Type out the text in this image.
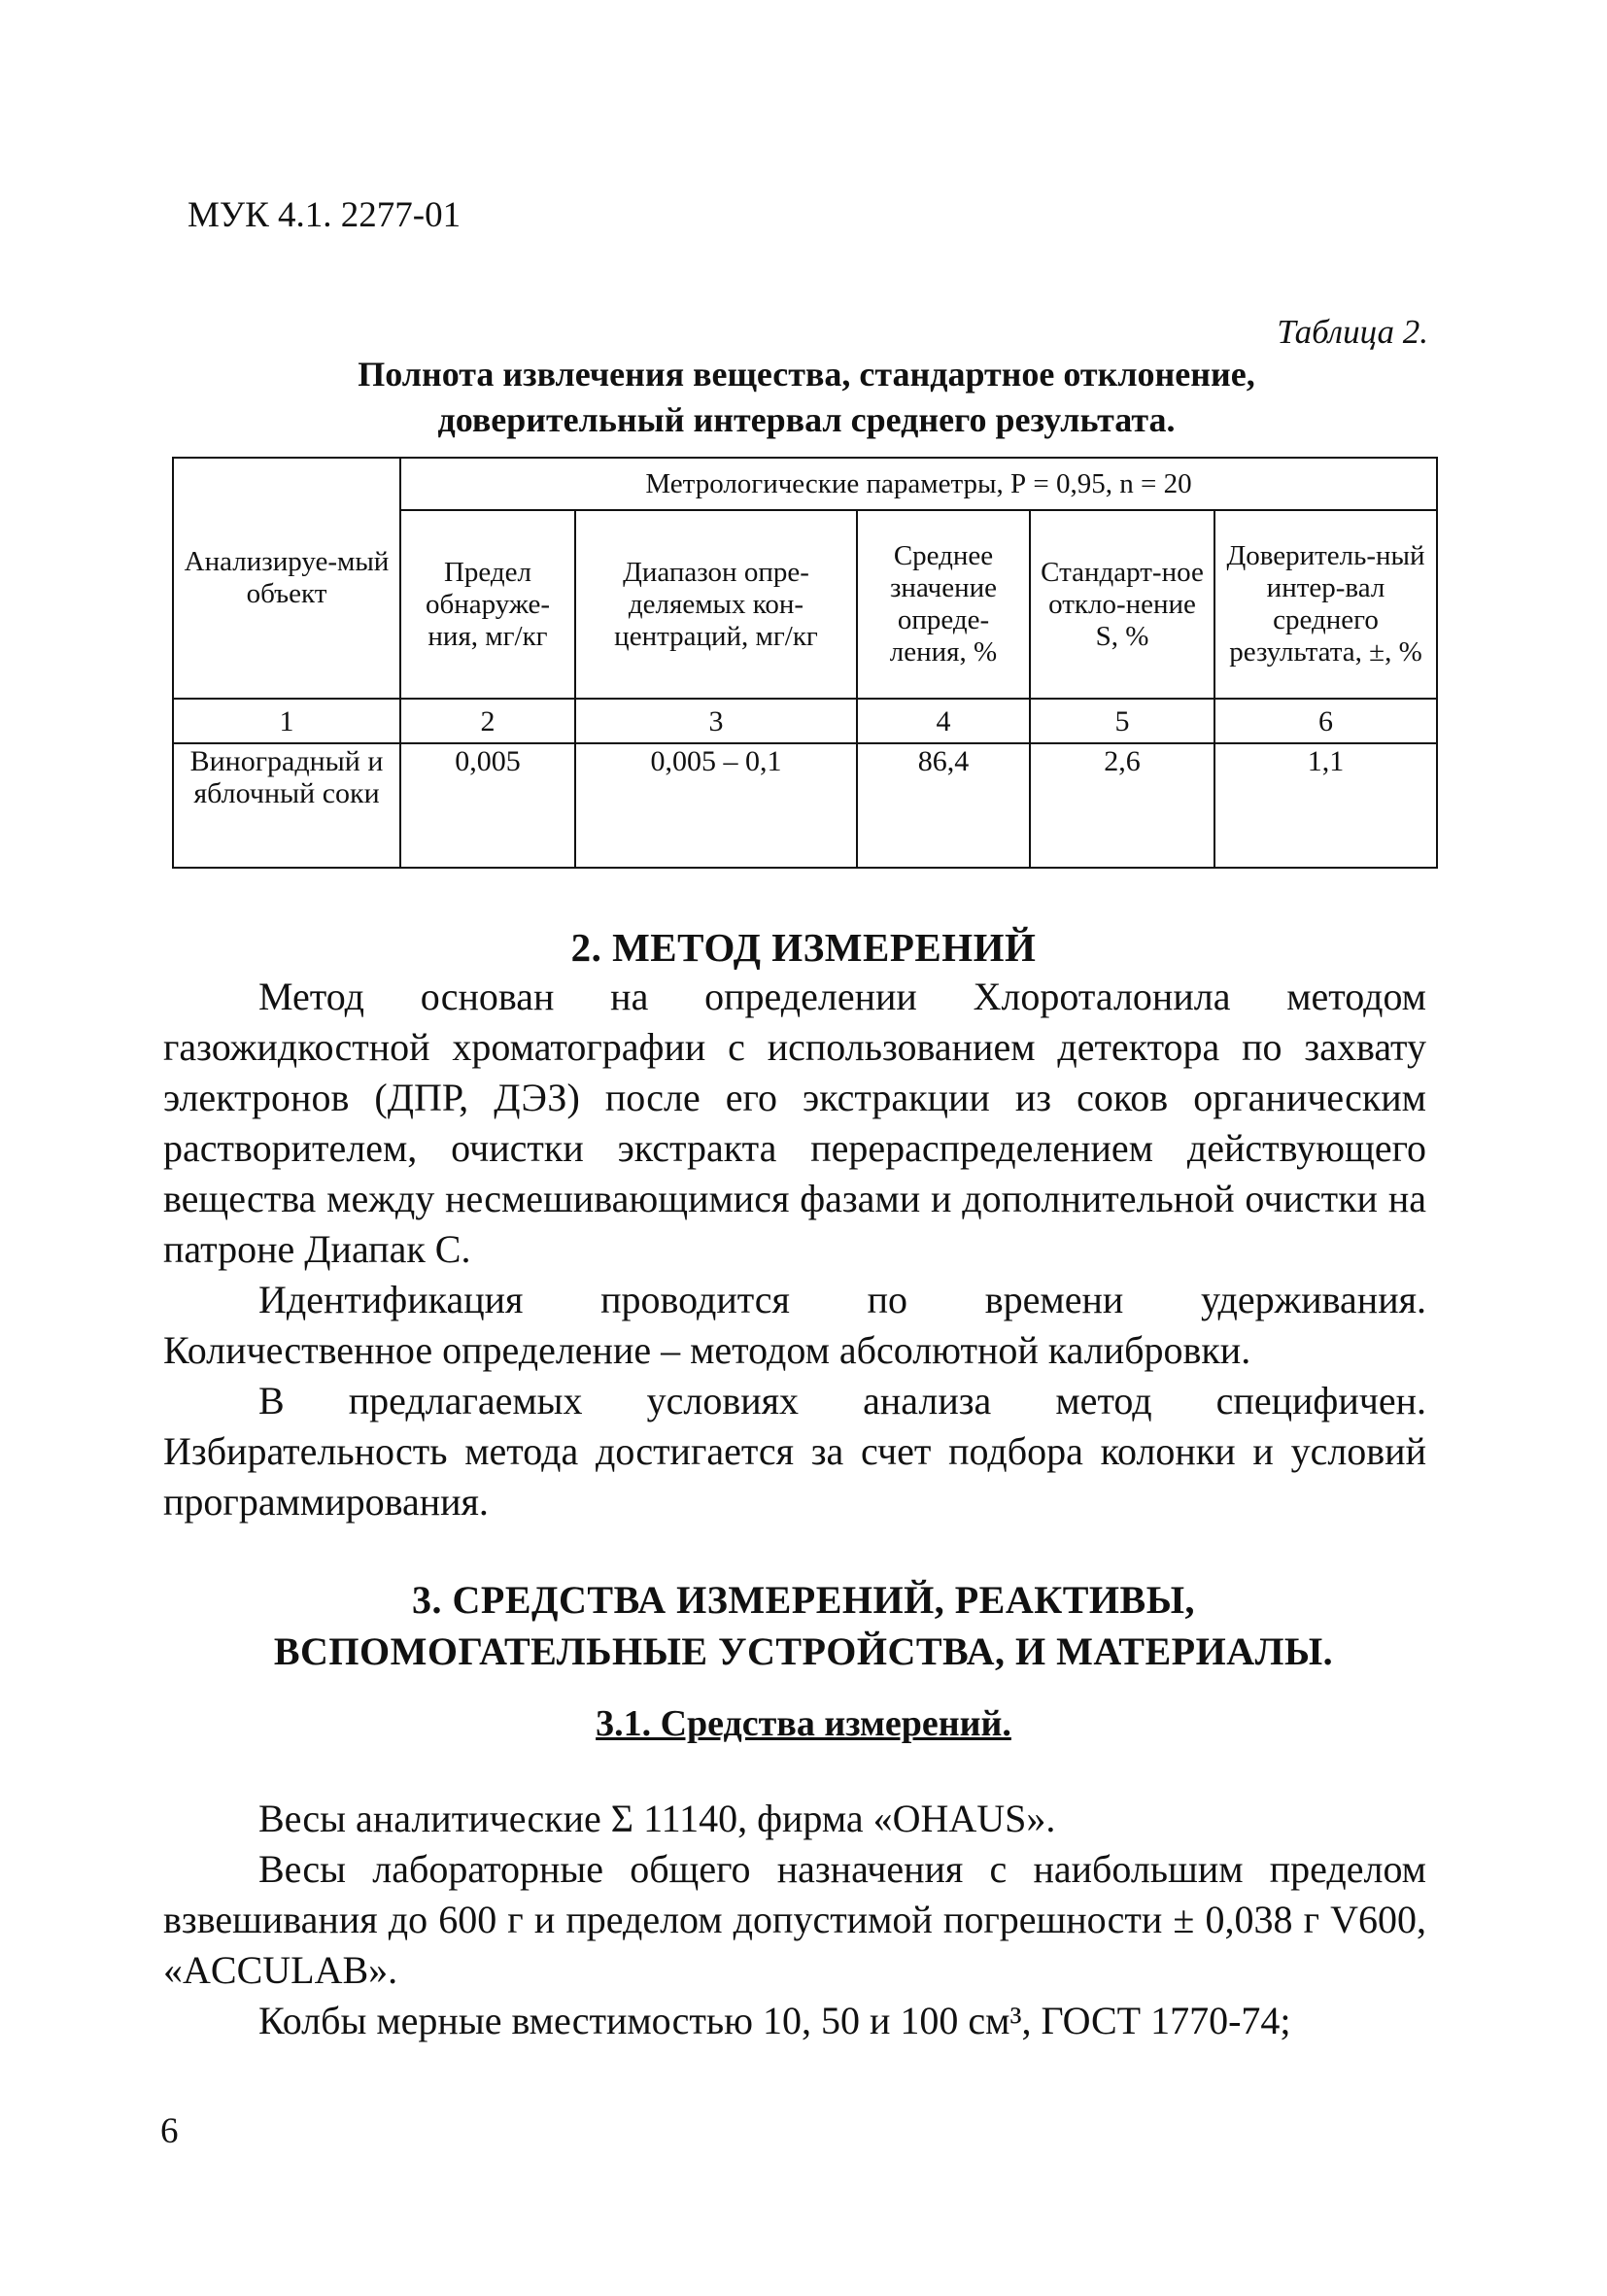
МУК 4.1. 2277-01
Таблица 2.
Полнота извлечения вещества, стандартное отклонение,
доверительный интервал среднего результата.
Анализируе-мый объект	Метрологические параметры, Р = 0,95, n = 20				
	Предел обнаруже-ния, мг/кг	Диапазон опре-деляемых кон-центраций, мг/кг	Среднее значение опреде-ления, %	Стандарт-ное откло-нение S, %	Доверитель-ный интер-вал среднего результата, ±, %
1	2	3	4	5	6
Виноградный и яблочный соки	0,005	0,005 – 0,1	86,4	2,6	1,1
2. МЕТОД ИЗМЕРЕНИЙ

Метод основан на определении Хлороталонила методом газожидкостной хроматографии с использованием детектора по захвату электронов (ДПР, ДЭЗ) после его экстракции из соков органическим растворителем, очистки экстракта перераспределением действующего вещества между несмешивающимися фазами и дополнительной очистки на патроне Диапак С.

Идентификация проводится по времени удерживания. Количественное определение – методом абсолютной калибровки.

В предлагаемых условиях анализа метод специфичен. Избирательность метода достигается за счет подбора колонки и условий программирования.

3. СРЕДСТВА ИЗМЕРЕНИЙ, РЕАКТИВЫ,
ВСПОМОГАТЕЛЬНЫЕ УСТРОЙСТВА, И МАТЕРИАЛЫ.
3.1. Средства измерений.

Весы аналитические Σ 11140, фирма «OHAUS».

Весы лабораторные общего назначения с наибольшим пределом взвешивания до 600 г и пределом допустимой погрешности ± 0,038 г V600, «ACCULAB».

Колбы мерные вместимостью 10, 50 и 100 см³, ГОСТ 1770-74;

6
